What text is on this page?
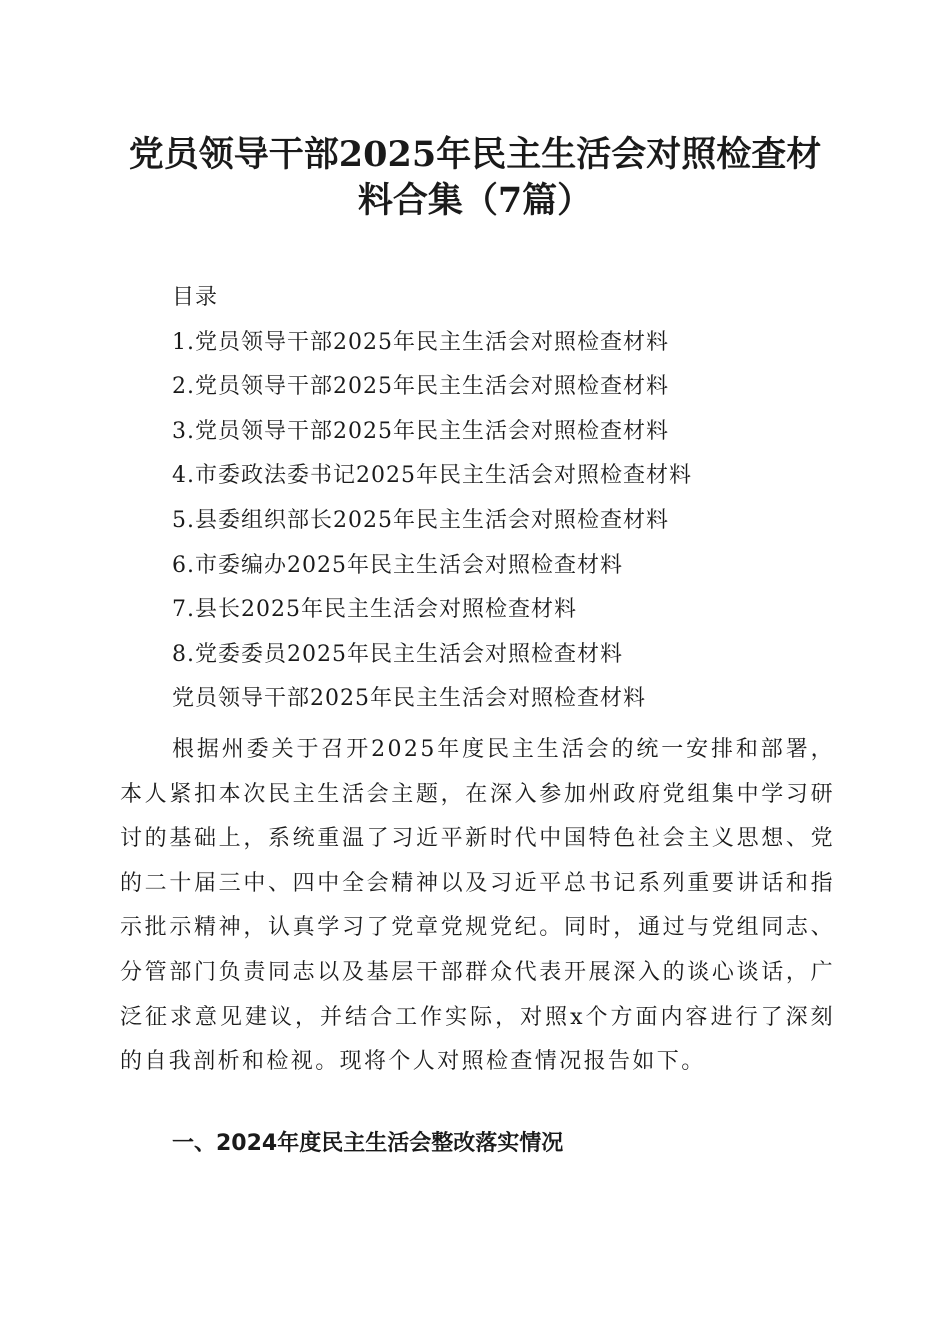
党员领导干部2025年民主生活会对照检查材
料合集（7篇）
目录
1.党员领导干部2025年民主生活会对照检查材料
2.党员领导干部2025年民主生活会对照检查材料
3.党员领导干部2025年民主生活会对照检查材料
4.市委政法委书记2025年民主生活会对照检查材料
5.县委组织部长2025年民主生活会对照检查材料
6.市委编办2025年民主生活会对照检查材料
7.县长2025年民主生活会对照检查材料
8.党委委员2025年民主生活会对照检查材料
党员领导干部2025年民主生活会对照检查材料

根据州委关于召开2025年度民主生活会的统一安排和部署，本人紧扣本次民主生活会主题，在深入参加州政府党组集中学习研讨的基础上，系统重温了习近平新时代中国特色社会主义思想、党的二十届三中、四中全会精神以及习近平总书记系列重要讲话和指示批示精神，认真学习了党章党规党纪。同时，通过与党组同志、分管部门负责同志以及基层干部群众代表开展深入的谈心谈话，广泛征求意见建议，并结合工作实际，对照x个方面内容进行了深刻的自我剖析和检视。现将个人对照检查情况报告如下。

一、2024年度民主生活会整改落实情况
